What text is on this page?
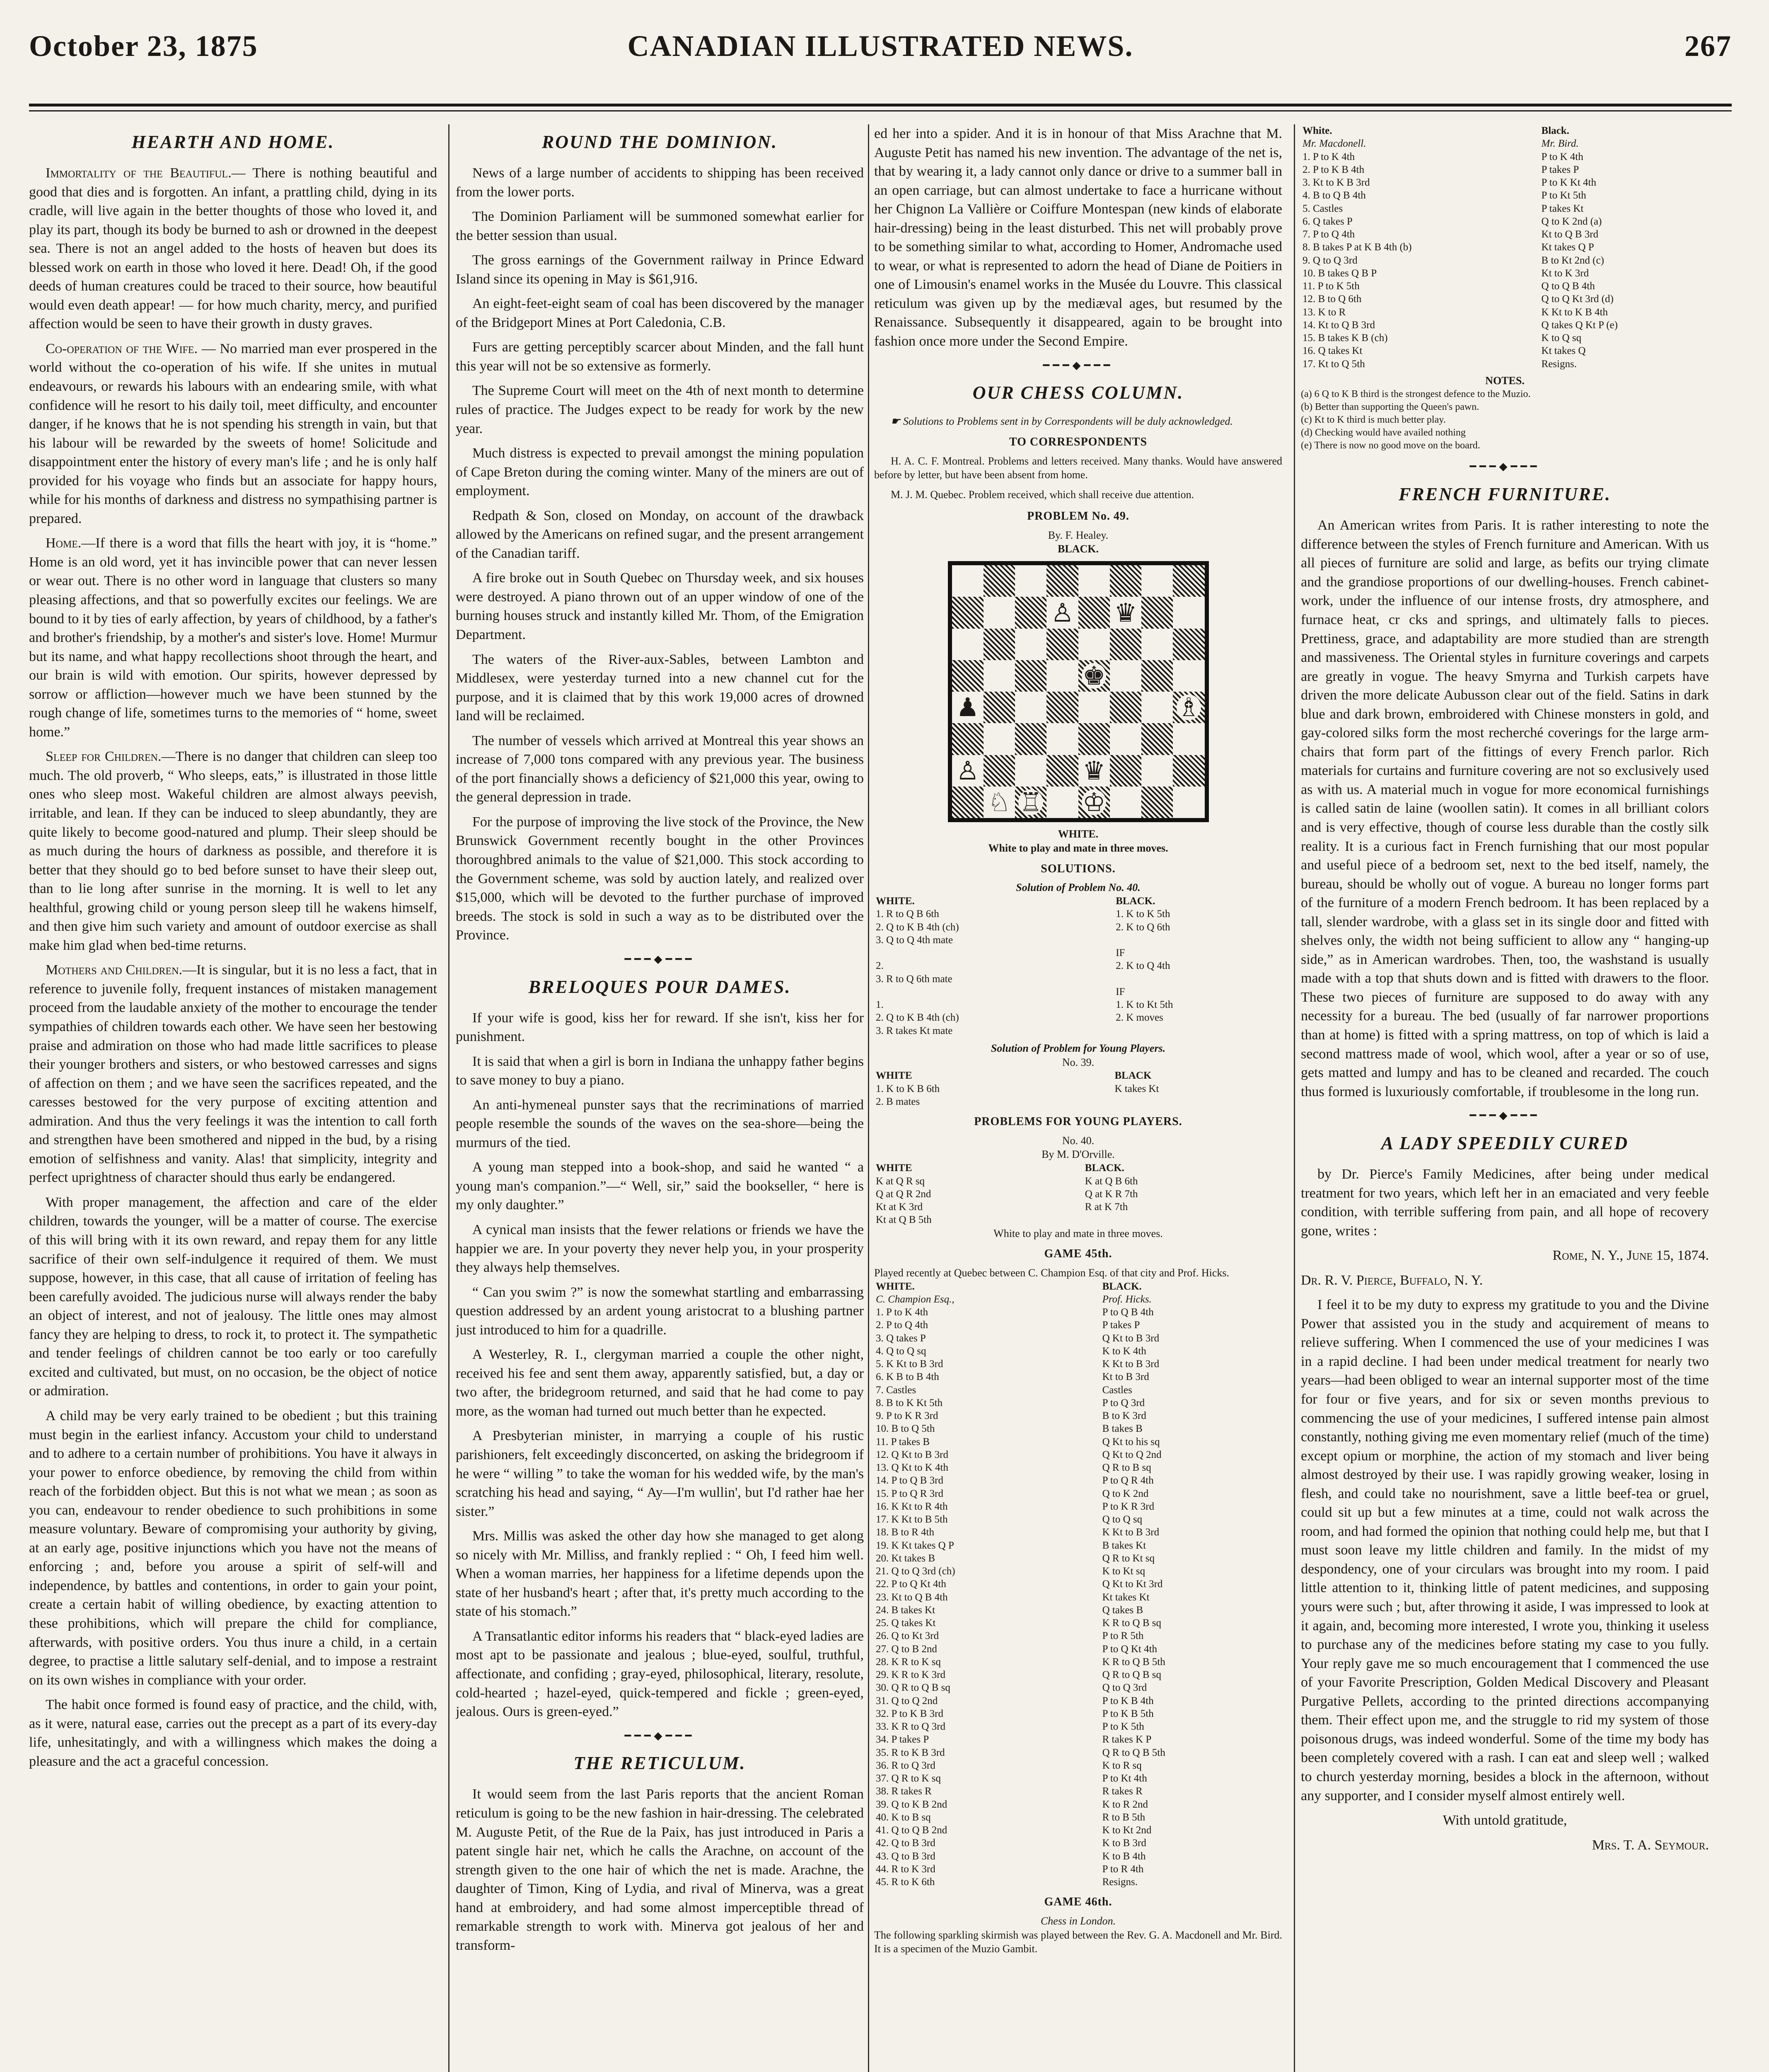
CANADIAN ILLUSTRATED NEWS.
October 23, 1875	267
HEARTH AND HOME.

Immortality of the Beautiful.— There is nothing beautiful and good that dies and is forgotten. An infant, a prattling child, dying in its cradle, will live again in the better thoughts of those who loved it, and play its part, though its body be burned to ash or drowned in the deepest sea. There is not an angel added to the hosts of heaven but does its blessed work on earth in those who loved it here. Dead! Oh, if the good deeds of human creatures could be traced to their source, how beautiful would even death appear! — for how much charity, mercy, and purified affection would be seen to have their growth in dusty graves.

Co-operation of the Wife. — No married man ever prospered in the world without the co-operation of his wife. If she unites in mutual endeavours, or rewards his labours with an endearing smile, with what confidence will he resort to his daily toil, meet difficulty, and encounter danger, if he knows that he is not spending his strength in vain, but that his labour will be rewarded by the sweets of home! Solicitude and disappointment enter the history of every man's life ; and he is only half provided for his voyage who finds but an associate for happy hours, while for his months of darkness and distress no sympathising partner is prepared.

Home.—If there is a word that fills the heart with joy, it is “home.” Home is an old word, yet it has invincible power that can never lessen or wear out. There is no other word in language that clusters so many pleasing affections, and that so powerfully excites our feelings. We are bound to it by ties of early affection, by years of childhood, by a father's and brother's friendship, by a mother's and sister's love. Home! Murmur but its name, and what happy recollections shoot through the heart, and our brain is wild with emotion. Our spirits, however depressed by sorrow or affliction—however much we have been stunned by the rough change of life, sometimes turns to the memories of “ home, sweet home.”

Sleep for Children.—There is no danger that children can sleep too much. The old proverb, “ Who sleeps, eats,” is illustrated in those little ones who sleep most. Wakeful children are almost always peevish, irritable, and lean. If they can be induced to sleep abundantly, they are quite likely to become good-natured and plump. Their sleep should be as much during the hours of darkness as possible, and therefore it is better that they should go to bed before sunset to have their sleep out, than to lie long after sunrise in the morning. It is well to let any healthful, growing child or young person sleep till he wakens himself, and then give him such variety and amount of outdoor exercise as shall make him glad when bed-time returns.

Mothers and Children.—It is singular, but it is no less a fact, that in reference to juvenile folly, frequent instances of mistaken management proceed from the laudable anxiety of the mother to encourage the tender sympathies of children towards each other. We have seen her bestowing praise and admiration on those who had made little sacrifices to please their younger brothers and sisters, or who bestowed carresses and signs of affection on them ; and we have seen the sacrifices repeated, and the caresses bestowed for the very purpose of exciting attention and admiration. And thus the very feelings it was the intention to call forth and strengthen have been smothered and nipped in the bud, by a rising emotion of selfishness and vanity. Alas! that simplicity, integrity and perfect uprightness of character should thus early be endangered.

With proper management, the affection and care of the elder children, towards the younger, will be a matter of course. The exercise of this will bring with it its own reward, and repay them for any little sacrifice of their own self-indulgence it required of them. We must suppose, however, in this case, that all cause of irritation of feeling has been carefully avoided. The judicious nurse will always render the baby an object of interest, and not of jealousy. The little ones may almost fancy they are helping to dress, to rock it, to protect it. The sympathetic and tender feelings of children cannot be too early or too carefully excited and cultivated, but must, on no occasion, be the object of notice or admiration.

A child may be very early trained to be obedient ; but this training must begin in the earliest infancy. Accustom your child to understand and to adhere to a certain number of prohibitions. You have it always in your power to enforce obedience, by removing the child from within reach of the forbidden object. But this is not what we mean ; as soon as you can, endeavour to render obedience to such prohibitions in some measure voluntary. Beware of compromising your authority by giving, at an early age, positive injunctions which you have not the means of enforcing ; and, before you arouse a spirit of self-will and independence, by battles and contentions, in order to gain your point, create a certain habit of willing obedience, by exacting attention to these prohibitions, which will prepare the child for compliance, afterwards, with positive orders. You thus inure a child, in a certain degree, to practise a little salutary self-denial, and to impose a restraint on its own wishes in compliance with your order.

The habit once formed is found easy of practice, and the child, with, as it were, natural ease, carries out the precept as a part of its every-day life, unhesitatingly, and with a willingness which makes the doing a pleasure and the act a graceful concession.

ROUND THE DOMINION.

News of a large number of accidents to shipping has been received from the lower ports.

The Dominion Parliament will be summoned somewhat earlier for the better session than usual.

The gross earnings of the Government railway in Prince Edward Island since its opening in May is $61,916.

An eight-feet-eight seam of coal has been discovered by the manager of the Bridgeport Mines at Port Caledonia, C.B.

Furs are getting perceptibly scarcer about Minden, and the fall hunt this year will not be so extensive as formerly.

The Supreme Court will meet on the 4th of next month to determine rules of practice. The Judges expect to be ready for work by the new year.

Much distress is expected to prevail amongst the mining population of Cape Breton during the coming winter. Many of the miners are out of employment.

Redpath & Son, closed on Monday, on account of the drawback allowed by the Americans on refined sugar, and the present arrangement of the Canadian tariff.

A fire broke out in South Quebec on Thursday week, and six houses were destroyed. A piano thrown out of an upper window of one of the burning houses struck and instantly killed Mr. Thom, of the Emigration Department.

The waters of the River-aux-Sables, between Lambton and Middlesex, were yesterday turned into a new channel cut for the purpose, and it is claimed that by this work 19,000 acres of drowned land will be reclaimed.

The number of vessels which arrived at Montreal this year shows an increase of 7,000 tons compared with any previous year. The business of the port financially shows a deficiency of $21,000 this year, owing to the general depression in trade.

For the purpose of improving the live stock of the Province, the New Brunswick Government recently bought in the other Provinces thoroughbred animals to the value of $21,000. This stock according to the Government scheme, was sold by auction lately, and realized over $15,000, which will be devoted to the further purchase of improved breeds. The stock is sold in such a way as to be distributed over the Province.

━━━◆━━━
BRELOQUES POUR DAMES.

If your wife is good, kiss her for reward. If she isn't, kiss her for punishment.

It is said that when a girl is born in Indiana the unhappy father begins to save money to buy a piano.

An anti-hymeneal punster says that the recriminations of married people resemble the sounds of the waves on the sea-shore—being the murmurs of the tied.

A young man stepped into a book-shop, and said he wanted “ a young man's companion.”—“ Well, sir,” said the bookseller, “ here is my only daughter.”

A cynical man insists that the fewer relations or friends we have the happier we are. In your poverty they never help you, in your prosperity they always help themselves.

“ Can you swim ?” is now the somewhat startling and embarrassing question addressed by an ardent young aristocrat to a blushing partner just introduced to him for a quadrille.

A Westerley, R. I., clergyman married a couple the other night, received his fee and sent them away, apparently satisfied, but, a day or two after, the bridegroom returned, and said that he had come to pay more, as the woman had turned out much better than he expected.

A Presbyterian minister, in marrying a couple of his rustic parishioners, felt exceedingly disconcerted, on asking the bridegroom if he were “ willing ” to take the woman for his wedded wife, by the man's scratching his head and saying, “ Ay—I'm wullin', but I'd rather hae her sister.”

Mrs. Millis was asked the other day how she managed to get along so nicely with Mr. Milliss, and frankly replied : “ Oh, I feed him well. When a woman marries, her happiness for a lifetime depends upon the state of her husband's heart ; after that, it's pretty much according to the state of his stomach.”

A Transatlantic editor informs his readers that “ black-eyed ladies are most apt to be passionate and jealous ; blue-eyed, soulful, truthful, affectionate, and confiding ; gray-eyed, philosophical, literary, resolute, cold-hearted ; hazel-eyed, quick-tempered and fickle ; green-eyed, jealous. Ours is green-eyed.”

━━━◆━━━
THE RETICULUM.

It would seem from the last Paris reports that the ancient Roman reticulum is going to be the new fashion in hair-dressing. The celebrated M. Auguste Petit, of the Rue de la Paix, has just introduced in Paris a patent single hair net, which he calls the Arachne, on account of the strength given to the one hair of which the net is made. Arachne, the daughter of Timon, King of Lydia, and rival of Minerva, was a great hand at embroidery, and had some almost imperceptible thread of remarkable strength to work with. Minerva got jealous of her and transform-

ed her into a spider. And it is in honour of that Miss Arachne that M. Auguste Petit has named his new invention. The advantage of the net is, that by wearing it, a lady cannot only dance or drive to a summer ball in an open carriage, but can almost undertake to face a hurricane without her Chignon La Vallière or Coiffure Montespan (new kinds of elaborate hair-dressing) being in the least disturbed. This net will probably prove to be something similar to what, according to Homer, Andromache used to wear, or what is represented to adorn the head of Diane de Poitiers in one of Limousin's enamel works in the Musée du Louvre. This classical reticulum was given up by the mediæval ages, but resumed by the Renaissance. Subsequently it disappeared, again to be brought into fashion once more under the Second Empire.

━━━◆━━━
OUR CHESS COLUMN.

☛ Solutions to Problems sent in by Correspondents will be duly acknowledged.

TO CORRESPONDENTS

H. A. C. F. Montreal. Problems and letters received. Many thanks. Would have answered before by letter, but have been absent from home.

M. J. M. Quebec. Problem received, which shall receive due attention.

PROBLEM No. 49.
By. F. Healey.
BLACK.
♙ ♛
♚
♟	♗
♙	♛
♘ ♖ ♔
WHITE.
White to play and mate in three moves.
SOLUTIONS.
Solution of Problem No. 40.
WHITE.	BLACK.
1. R to Q B 6th	1. K to K 5th
2. Q to K B 4th (ch)	2. K to Q 6th
3. Q to Q 4th mate	
	IF
2.	2. K to Q 4th
3. R to Q 6th mate	
	IF
1.	1. K to Kt 5th
2. Q to K B 4th (ch)	2. K moves
3. R takes Kt mate	
Solution of Problem for Young Players.
No. 39.
WHITE	BLACK
1. K to K B 6th	K takes Kt
2. B mates	
PROBLEMS FOR YOUNG PLAYERS.
No. 40.
By M. D'Orville.
WHITE	BLACK.
K at Q R sq	K at Q B 6th
Q at Q R 2nd	Q at K R 7th
Kt at K 3rd	R at K 7th
Kt at Q B 5th	
White to play and mate in three moves.
GAME 45th.
Played recently at Quebec between C. Champion Esq. of that city and Prof. Hicks.
WHITE.	BLACK.
C. Champion Esq.,	Prof. Hicks.
1. P to K 4th	P to Q B 4th
2. P to Q 4th	P takes P
3. Q takes P	Q Kt to B 3rd
4. Q to Q sq	K to K 4th
5. K Kt to B 3rd	K Kt to B 3rd
6. K B to B 4th	Kt to B 3rd
7. Castles	Castles
8. B to K Kt 5th	P to Q 3rd
9. P to K R 3rd	B to K 3rd
10. B to Q 5th	B takes B
11. P takes B	Q Kt to his sq
12. Q Kt to B 3rd	Q Kt to Q 2nd
13. Q Kt to K 4th	Q R to B sq
14. P to Q B 3rd	P to Q R 4th
15. P to Q R 3rd	Q to K 2nd
16. K Kt to R 4th	P to K R 3rd
17. K Kt to B 5th	Q to Q sq
18. B to R 4th	K Kt to B 3rd
19. K Kt takes Q P	B takes Kt
20. Kt takes B	Q R to Kt sq
21. Q to Q 3rd (ch)	K to Kt sq
22. P to Q Kt 4th	Q Kt to Kt 3rd
23. Kt to Q B 4th	Kt takes Kt
24. B takes Kt	Q takes B
25. Q takes Kt	K R to Q B sq
26. Q to Kt 3rd	P to R 5th
27. Q to B 2nd	P to Q Kt 4th
28. K R to K sq	K R to Q B 5th
29. K R to K 3rd	Q R to Q B sq
30. Q R to Q B sq	Q to Q 3rd
31. Q to Q 2nd	P to K B 4th
32. P to K B 3rd	P to K B 5th
33. K R to Q 3rd	P to K 5th
34. P takes P	R takes K P
35. R to K B 3rd	Q R to Q B 5th
36. R to Q 3rd	K to R sq
37. Q R to K sq	P to Kt 4th
38. R takes R	R takes R
39. Q to K B 2nd	K to R 2nd
40. K to B sq	R to B 5th
41. Q to Q B 2nd	K to Kt 2nd
42. Q to B 3rd	K to B 3rd
43. Q to B 3rd	K to B 4th
44. R to K 3rd	P to R 4th
45. R to K 6th	Resigns.
GAME 46th.
Chess in London.
The following sparkling skirmish was played between the Rev. G. A. Macdonell and Mr. Bird. It is a specimen of the Muzio Gambit.
White.	Black.
Mr. Macdonell.	Mr. Bird.
1. P to K 4th	P to K 4th
2. P to K B 4th	P takes P
3. Kt to K B 3rd	P to K Kt 4th
4. B to Q B 4th	P to Kt 5th
5. Castles	P takes Kt
6. Q takes P	Q to K 2nd (a)
7. P to Q 4th	Kt to Q B 3rd
8. B takes P at K B 4th (b)	Kt takes Q P
9. Q to Q 3rd	B to Kt 2nd (c)
10. B takes Q B P	Kt to K 3rd
11. P to K 5th	Q to Q B 4th
12. B to Q 6th	Q to Q Kt 3rd (d)
13. K to R	K Kt to K B 4th
14. Kt to Q B 3rd	Q takes Q Kt P (e)
15. B takes K B (ch)	K to Q sq
16. Q takes Kt	Kt takes Q
17. Kt to Q 5th	Resigns.
NOTES.
(a) 6 Q to K B third is the strongest defence to the Muzio.
(b) Better than supporting the Queen's pawn.
(c) Kt to K third is much better play.
(d) Checking would have availed nothing
(e) There is now no good move on the board.
━━━◆━━━
FRENCH FURNITURE.

An American writes from Paris. It is rather interesting to note the difference between the styles of French furniture and American. With us all pieces of furniture are solid and large, as befits our trying climate and the grandiose proportions of our dwelling-houses. French cabinet-work, under the influence of our intense frosts, dry atmosphere, and furnace heat, cr cks and springs, and ultimately falls to pieces. Prettiness, grace, and adaptability are more studied than are strength and massiveness. The Oriental styles in furniture coverings and carpets are greatly in vogue. The heavy Smyrna and Turkish carpets have driven the more delicate Aubusson clear out of the field. Satins in dark blue and dark brown, embroidered with Chinese monsters in gold, and gay-colored silks form the most recherché coverings for the large arm-chairs that form part of the fittings of every French parlor. Rich materials for curtains and furniture covering are not so exclusively used as with us. A material much in vogue for more economical furnishings is called satin de laine (woollen satin). It comes in all brilliant colors and is very effective, though of course less durable than the costly silk reality. It is a curious fact in French furnishing that our most popular and useful piece of a bedroom set, next to the bed itself, namely, the bureau, should be wholly out of vogue. A bureau no longer forms part of the furniture of a modern French bedroom. It has been replaced by a tall, slender wardrobe, with a glass set in its single door and fitted with shelves only, the width not being sufficient to allow any “ hanging-up side,” as in American wardrobes. Then, too, the washstand is usually made with a top that shuts down and is fitted with drawers to the floor. These two pieces of furniture are supposed to do away with any necessity for a bureau. The bed (usually of far narrower proportions than at home) is fitted with a spring mattress, on top of which is laid a second mattress made of wool, which wool, after a year or so of use, gets matted and lumpy and has to be cleaned and recarded. The couch thus formed is luxuriously comfortable, if troublesome in the long run.

━━━◆━━━
A LADY SPEEDILY CURED

by Dr. Pierce's Family Medicines, after being under medical treatment for two years, which left her in an emaciated and very feeble condition, with terrible suffering from pain, and all hope of recovery gone, writes :

Rome, N. Y., June 15, 1874.

Dr. R. V. Pierce, Buffalo, N. Y.

I feel it to be my duty to express my gratitude to you and the Divine Power that assisted you in the study and acquirement of means to relieve suffering. When I commenced the use of your medicines I was in a rapid decline. I had been under medical treatment for nearly two years—had been obliged to wear an internal supporter most of the time for four or five years, and for six or seven months previous to commencing the use of your medicines, I suffered intense pain almost constantly, nothing giving me even momentary relief (much of the time) except opium or morphine, the action of my stomach and liver being almost destroyed by their use. I was rapidly growing weaker, losing in flesh, and could take no nourishment, save a little beef-tea or gruel, could sit up but a few minutes at a time, could not walk across the room, and had formed the opinion that nothing could help me, but that I must soon leave my little children and family. In the midst of my despondency, one of your circulars was brought into my room. I paid little attention to it, thinking little of patent medicines, and supposing yours were such ; but, after throwing it aside, I was impressed to look at it again, and, becoming more interested, I wrote you, thinking it useless to purchase any of the medicines before stating my case to you fully. Your reply gave me so much encouragement that I commenced the use of your Favorite Prescription, Golden Medical Discovery and Pleasant Purgative Pellets, according to the printed directions accompanying them. Their effect upon me, and the struggle to rid my system of those poisonous drugs, was indeed wonderful. Some of the time my body has been completely covered with a rash. I can eat and sleep well ; walked to church yesterday morning, besides a block in the afternoon, without any supporter, and I consider myself almost entirely well.

With untold gratitude,

Mrs. T. A. Seymour.
